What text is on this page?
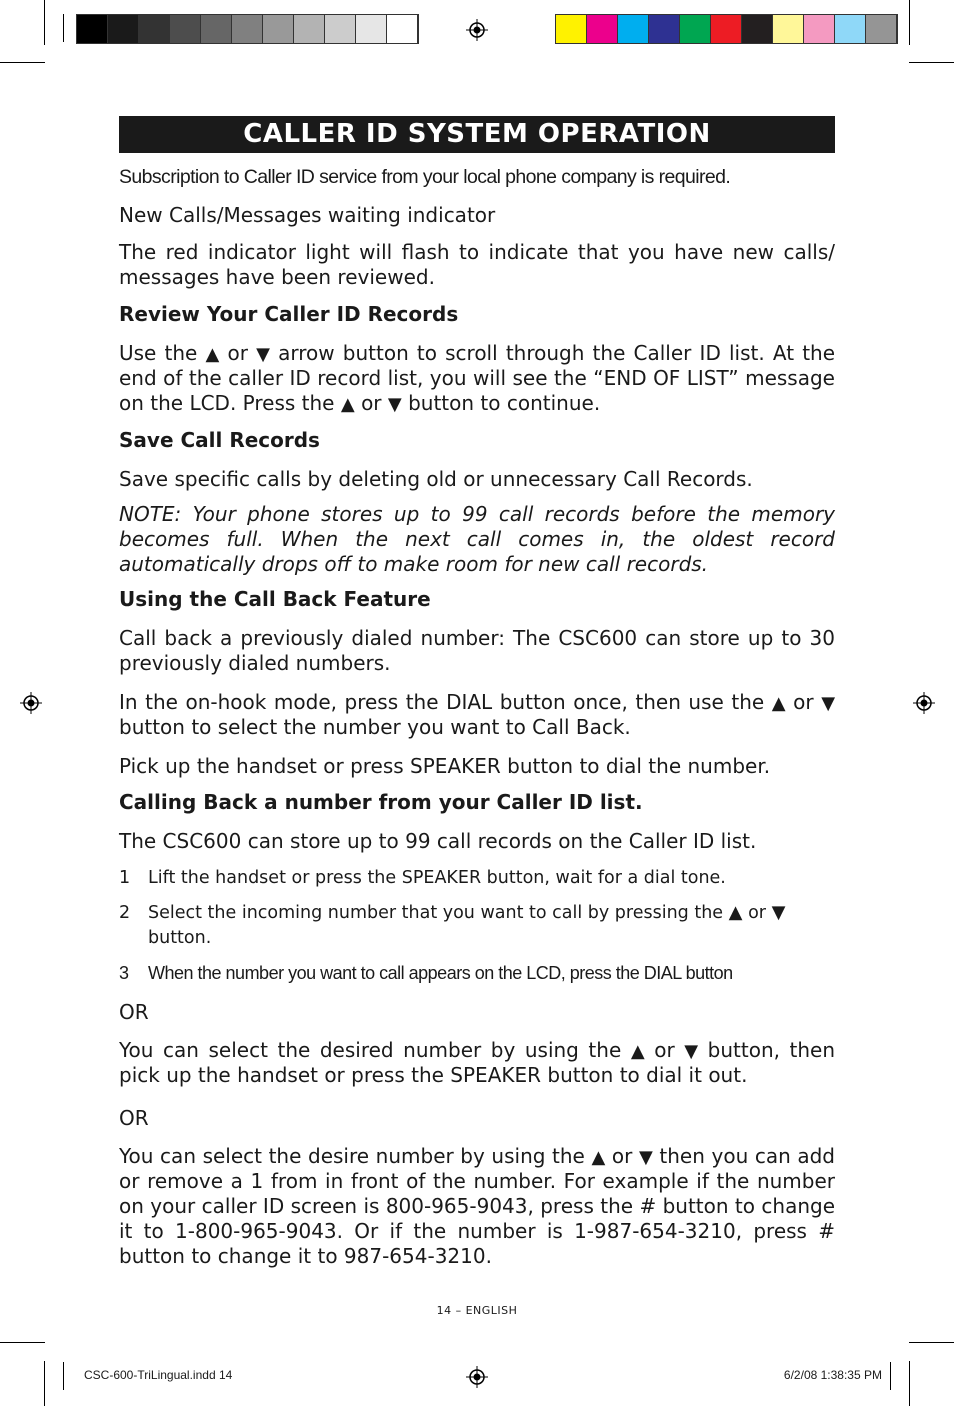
CALLER ID SYSTEM OPERATION

Subscription to Caller ID service from your local phone company is required.

New Calls/Messages waiting indicator

The red indicator light will flash to indicate that you have new calls/ messages have been reviewed.

Review Your Caller ID Records

Use the ▲ or ▼ arrow button to scroll through the Caller ID list. At the end of the caller ID record list, you will see the “END OF LIST” message on the LCD. Press the ▲ or ▼ button to continue.

Save Call Records

Save specific calls by deleting old or unnecessary Call Records.

NOTE: Your phone stores up to 99 call records before the memory becomes full. When the next call comes in, the oldest record automatically drops off to make room for new call records.

Using the Call Back Feature

Call back a previously dialed number: The CSC600 can store up to 30 previously dialed numbers.

In the on-hook mode, press the DIAL button once, then use the ▲ or ▼ button to select the number you want to Call Back.

Pick up the handset or press SPEAKER button to dial the number.

Calling Back a number from your Caller ID list.

The CSC600 can store up to 99 call records on the Caller ID list.

1 Lift the handset or press the SPEAKER button, wait for a dial tone.
2 Select the incoming number that you want to call by pressing the ▲ or ▼ button.
3 When the number you want to call appears on the LCD, press the DIAL button

OR

You can select the desired number by using the ▲ or ▼ button, then pick up the handset or press the SPEAKER button to dial it out.

OR

You can select the desire number by using the ▲ or ▼ then you can add or remove a 1 from in front of the number. For example if the number on your caller ID screen is 800-965-9043, press the # button to change it to 1-800-965-9043. Or if the number is 1-987-654-3210, press # button to change it to 987-654-3210.

14 – ENGLISH
CSC-600-TriLingual.indd 14	6/2/08 1:38:35 PM
